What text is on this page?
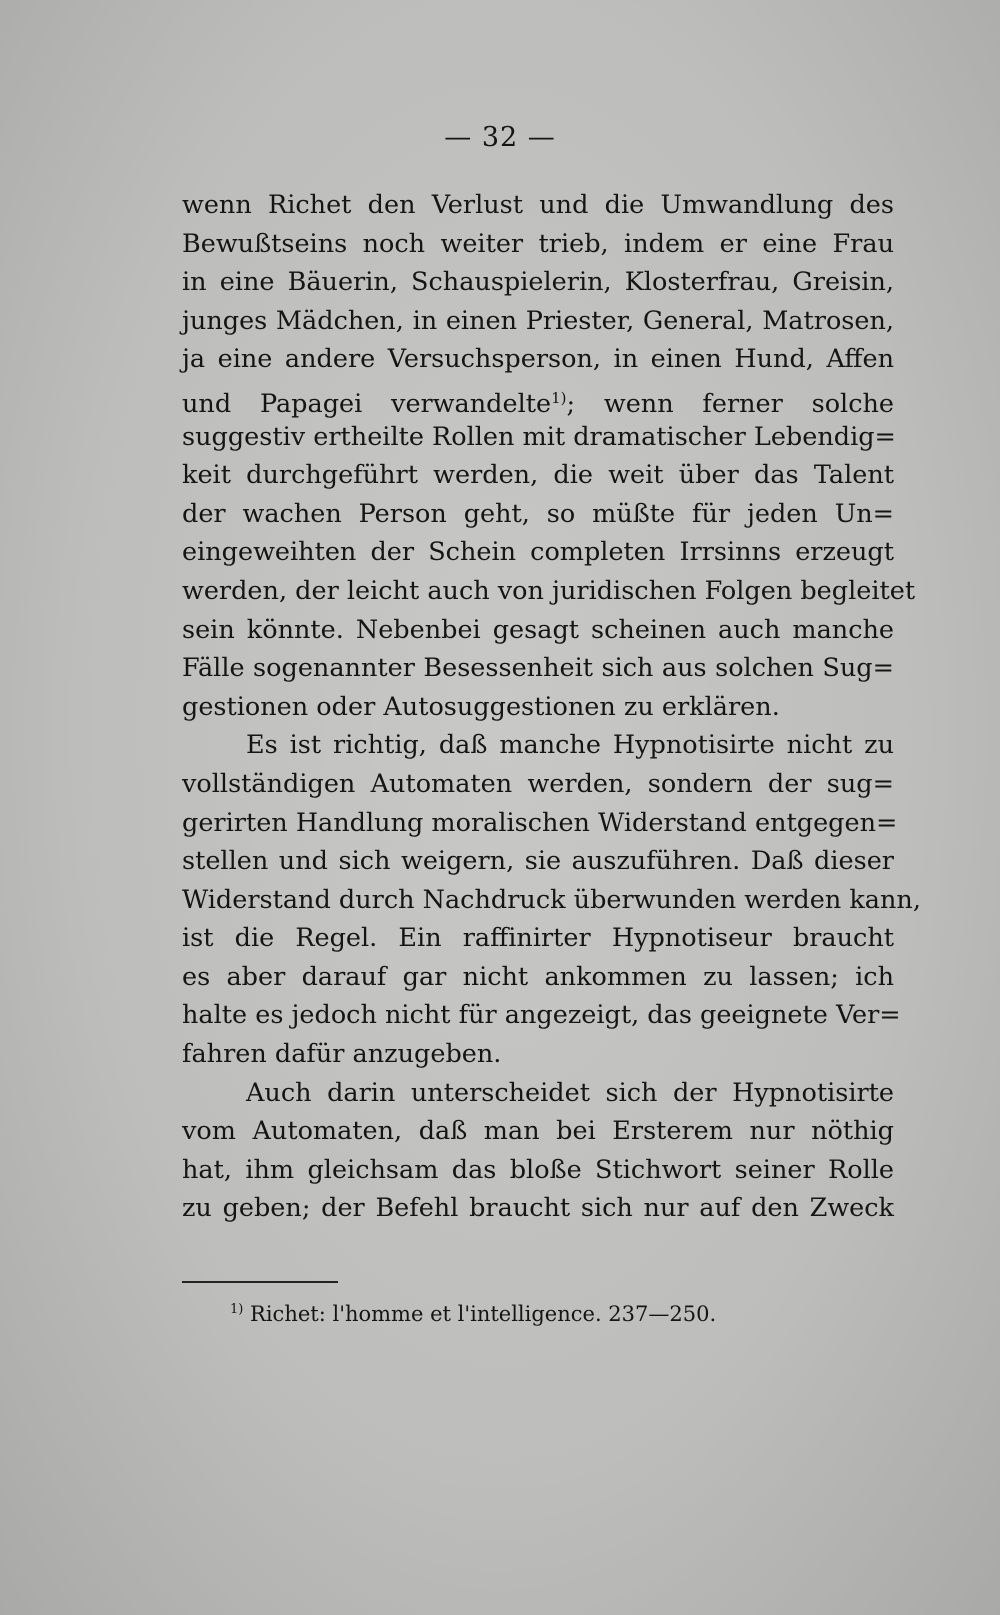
— 32 —
wenn Richet den Verlust und die Umwandlung des
Bewußtseins noch weiter trieb, indem er eine Frau
in eine Bäuerin, Schauspielerin, Klosterfrau, Greisin,
junges Mädchen, in einen Priester, General, Matrosen,
ja eine andere Versuchsperson, in einen Hund, Affen
und Papagei verwandelte$^{1)}$; wenn ferner solche
suggestiv ertheilte Rollen mit dramatischer Lebendig=
keit durchgeführt werden, die weit über das Talent
der wachen Person geht, so müßte für jeden Un=
eingeweihten der Schein completen Irrsinns erzeugt
werden, der leicht auch von juridischen Folgen begleitet
sein könnte. Nebenbei gesagt scheinen auch manche
Fälle sogenannter Besessenheit sich aus solchen Sug=
gestionen oder Autosuggestionen zu erklären.
Es ist richtig, daß manche Hypnotisirte nicht zu
vollständigen Automaten werden, sondern der sug=
gerirten Handlung moralischen Widerstand entgegen=
stellen und sich weigern, sie auszuführen. Daß dieser
Widerstand durch Nachdruck überwunden werden kann,
ist die Regel. Ein raffinirter Hypnotiseur braucht
es aber darauf gar nicht ankommen zu lassen; ich
halte es jedoch nicht für angezeigt, das geeignete Ver=
fahren dafür anzugeben.
Auch darin unterscheidet sich der Hypnotisirte
vom Automaten, daß man bei Ersterem nur nöthig
hat, ihm gleichsam das bloße Stichwort seiner Rolle
zu geben; der Befehl braucht sich nur auf den Zweck
$^{1)}$ Richet: l'homme et l'intelligence. 237—250.
